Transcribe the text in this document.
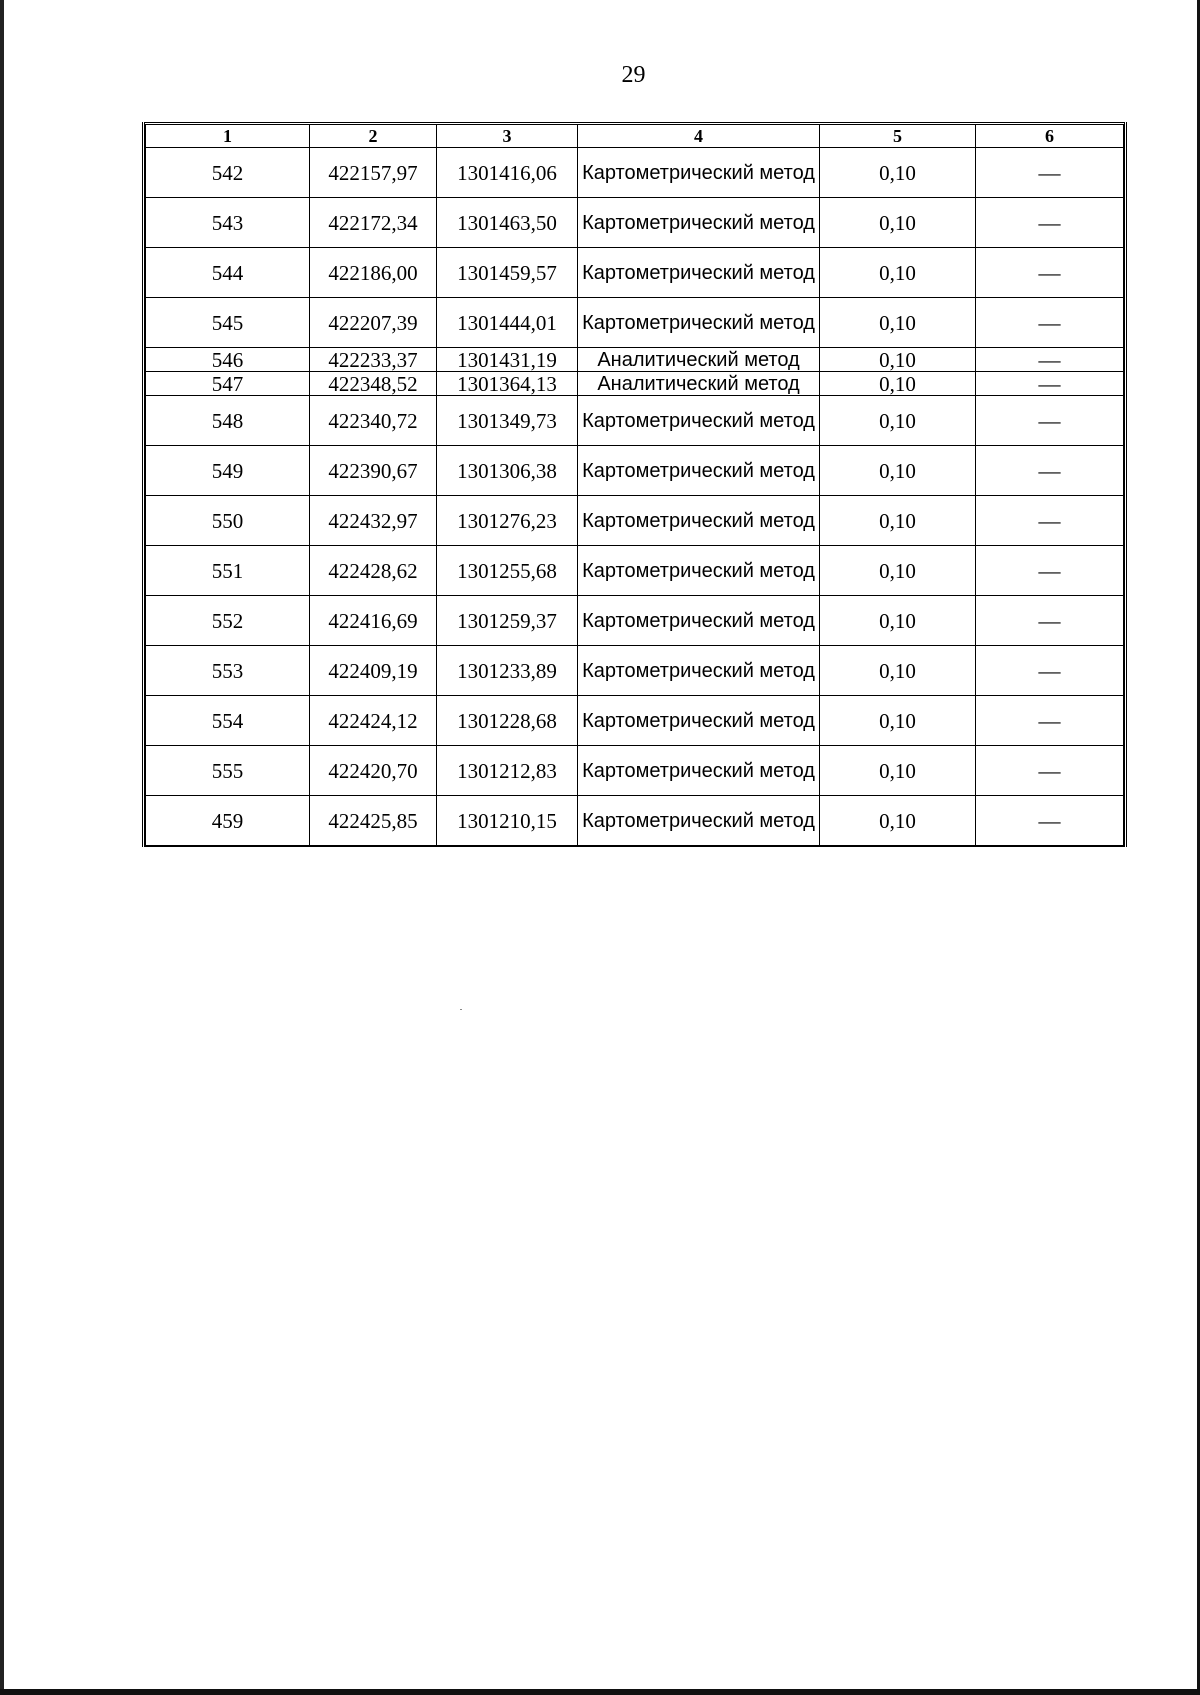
29
1	2	3	4	5	6
542	422157,97	1301416,06	Картометрический метод	0,10	—
543	422172,34	1301463,50	Картометрический метод	0,10	—
544	422186,00	1301459,57	Картометрический метод	0,10	—
545	422207,39	1301444,01	Картометрический метод	0,10	—
546	422233,37	1301431,19	Аналитический метод	0,10	—
547	422348,52	1301364,13	Аналитический метод	0,10	—
548	422340,72	1301349,73	Картометрический метод	0,10	—
549	422390,67	1301306,38	Картометрический метод	0,10	—
550	422432,97	1301276,23	Картометрический метод	0,10	—
551	422428,62	1301255,68	Картометрический метод	0,10	—
552	422416,69	1301259,37	Картометрический метод	0,10	—
553	422409,19	1301233,89	Картометрический метод	0,10	—
554	422424,12	1301228,68	Картометрический метод	0,10	—
555	422420,70	1301212,83	Картометрический метод	0,10	—
459	422425,85	1301210,15	Картометрический метод	0,10	—
